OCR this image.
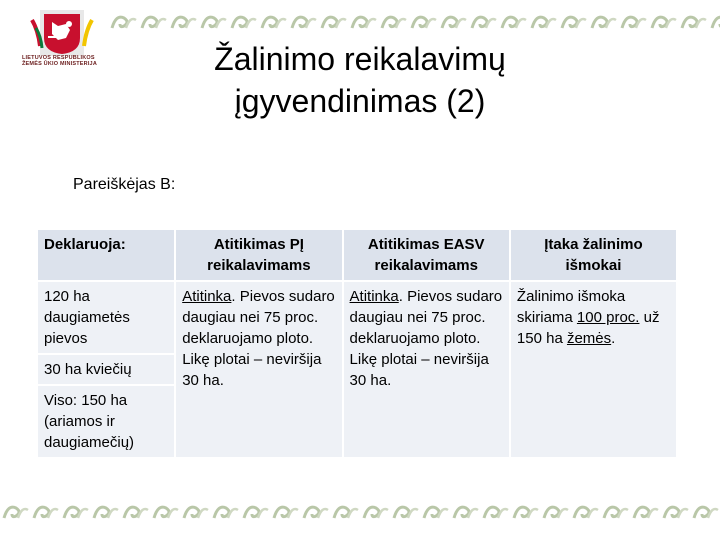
LIETUVOS RESPUBLIKOS
ŽEMĖS ŪKIO MINISTERIJA	Žalinimo reikalavimų
įgyvendinimas (2)
Pareiškėjas B:
Deklaruoja:	Atitikimas PĮ reikalavimams	Atitikimas EASV reikalavimams	Įtaka žalinimo išmokai
120 ha daugiametės pievos	Atitinka. Pievos sudaro daugiau nei 75 proc. deklaruojamo ploto. Likę plotai – neviršija 30 ha.	Atitinka. Pievos sudaro daugiau nei 75 proc. deklaruojamo ploto. Likę plotai – neviršija 30 ha.	Žalinimo išmoka skiriama 100 proc. už 150 ha žemės.
30 ha kviečių			
Viso: 150 ha (ariamos ir daugiamečių)			
